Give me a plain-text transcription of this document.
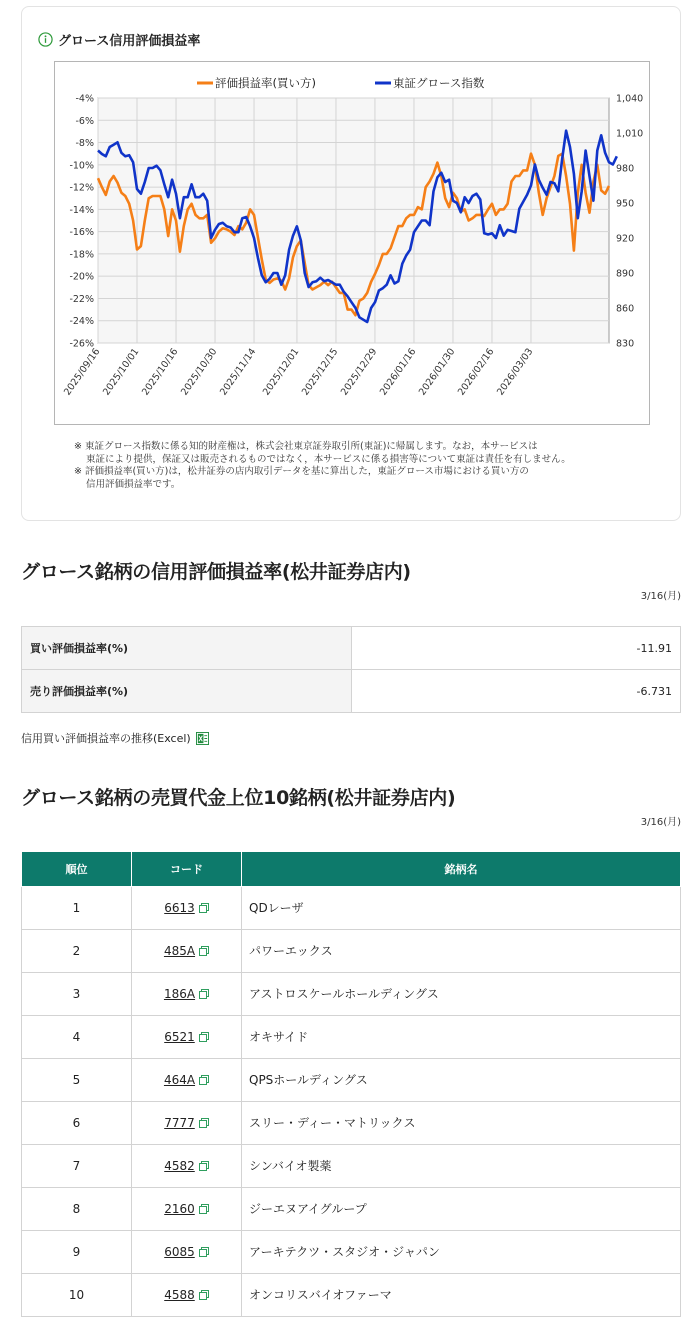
グロース信用評価損益率
-4%
-6%
-8%
-10%
-12%
-14%
-16%
-18%
-20%
-22%
-24%
-26%
1,040
1,010
980
950
920
890
860
830
2025/09/16
2025/10/01
2025/10/16
2025/10/30
2025/11/14 2025/12/01
2025/12/15
2025/12/29
2026/01/16
2026/01/30
2026/02/16
2026/03/03
評価損益率(買い方)	東証グロース指数
※ 東証グロース指数に係る知的財産権は，株式会社東京証券取引所(東証)に帰属します。なお，本サービスは
東証により提供，保証又は販売されるものではなく，本サービスに係る損害等について東証は責任を有しません。
※ 評価損益率(買い方)は，松井証券の店内取引データを基に算出した，東証グロース市場における買い方の
信用評価損益率です。
グロース銘柄の信用評価損益率(松井証券店内)
3/16(月)
買い評価損益率(%)	-11.91
売り評価損益率(%)	-6.731
信用買い評価損益率の推移(Excel)
グロース銘柄の売買代金上位10銘柄(松井証券店内)
3/16(月)
順位	コード	銘柄名
1	6613	QDレーザ
2	485A	パワーエックス
3	186A	アストロスケールホールディングス
4	6521	オキサイド
5	464A	QPSホールディングス
6	7777	スリー・ディー・マトリックス
7	4582	シンバイオ製薬
8	2160	ジーエヌアイグループ
9	6085	アーキテクツ・スタジオ・ジャパン
10	4588	オンコリスバイオファーマ
